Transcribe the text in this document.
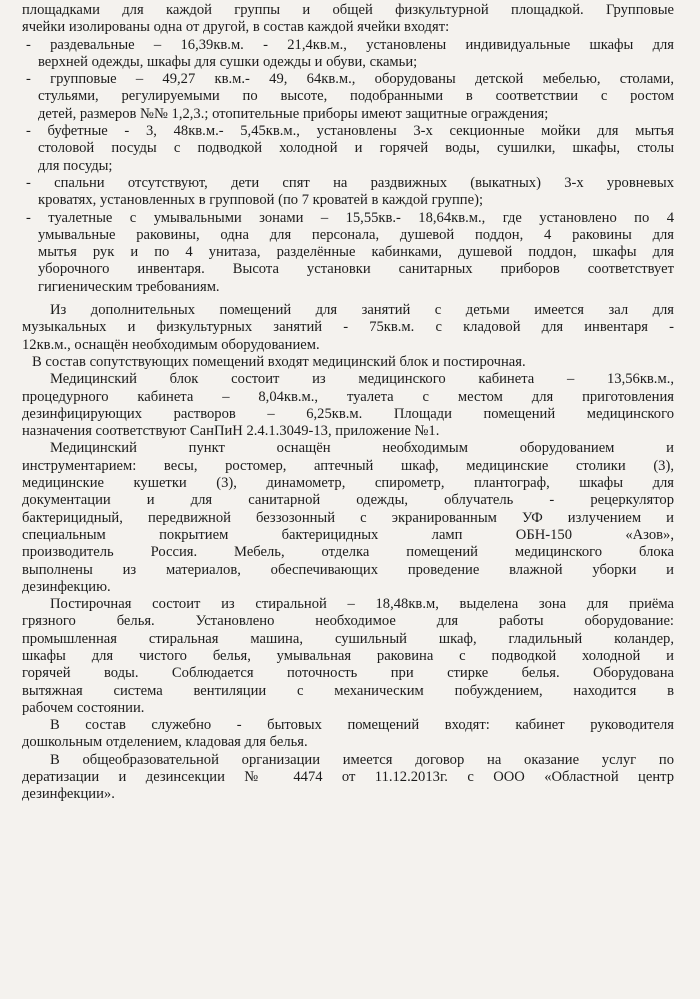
площадками для каждой группы и общей физкультурной площадкой. Групповые
ячейки изолированы одна от другой, в состав каждой ячейки входят:
- раздевальные – 16,39кв.м. - 21,4кв.м., установлены индивидуальные шкафы для
верхней одежды, шкафы для сушки одежды и обуви, скамьи;
- групповые – 49,27 кв.м.- 49, 64кв.м., оборудованы детской мебелью, столами,
стульями, регулируемыми по высоте, подобранными в соответствии с ростом
детей, размеров №№ 1,2,3.; отопительные приборы имеют защитные ограждения;
- буфетные - 3, 48кв.м.- 5,45кв.м., установлены 3-х секционные мойки для мытья
столовой посуды с подводкой холодной и горячей воды, сушилки, шкафы, столы
для посуды;
- спальни отсутствуют, дети спят на раздвижных (выкатных) 3-х уровневых
кроватях, установленных в групповой (по 7 кроватей в каждой группе);
- туалетные с умывальными зонами – 15,55кв.- 18,64кв.м., где установлено по 4
умывальные раковины, одна для персонала, душевой поддон, 4 раковины для
мытья рук и по 4 унитаза, разделённые кабинками, душевой поддон, шкафы для
уборочного инвентаря. Высота установки санитарных приборов соответствует
гигиеническим требованиям.
Из дополнительных помещений для занятий с детьми имеется зал для
музыкальных и физкультурных занятий - 75кв.м. с кладовой для инвентаря -
12кв.м., оснащён необходимым оборудованием.
В состав сопутствующих помещений входят медицинский блок и постирочная.
Медицинский блок состоит из медицинского кабинета – 13,56кв.м.,
процедурного кабинета – 8,04кв.м., туалета с местом для приготовления
дезинфицирующих растворов – 6,25кв.м. Площади помещений медицинского
назначения соответствуют СанПиН 2.4.1.3049-13, приложение №1.
Медицинский пункт оснащён необходимым оборудованием и
инструментарием: весы, ростомер, аптечный шкаф, медицинские столики (3),
медицинские кушетки (3), динамометр, спирометр, плантограф, шкафы для
документации и для санитарной одежды, облучатель - рецеркулятор
бактерицидный, передвижной беззозонный с экранированным УФ излучением и
специальным покрытием бактерицидных ламп ОБН-150 «Азов»,
производитель Россия. Мебель, отделка помещений медицинского блока
выполнены из материалов, обеспечивающих проведение влажной уборки и
дезинфекцию.
Постирочная состоит из стиральной – 18,48кв.м, выделена зона для приёма
грязного белья. Установлено необходимое для работы оборудование:
промышленная стиральная машина, сушильный шкаф, гладильный коландер,
шкафы для чистого белья, умывальная раковина с подводкой холодной и
горячей воды. Соблюдается поточность при стирке белья. Оборудована
вытяжная система вентиляции с механическим побуждением, находится в
рабочем состоянии.
В состав служебно - бытовых помещений входят: кабинет руководителя
дошкольным отделением, кладовая для белья.
В общеобразовательной организации имеется договор на оказание услуг по
дератизации и дезинсекции № 4474 от 11.12.2013г. с ООО «Областной центр
дезинфекции».
